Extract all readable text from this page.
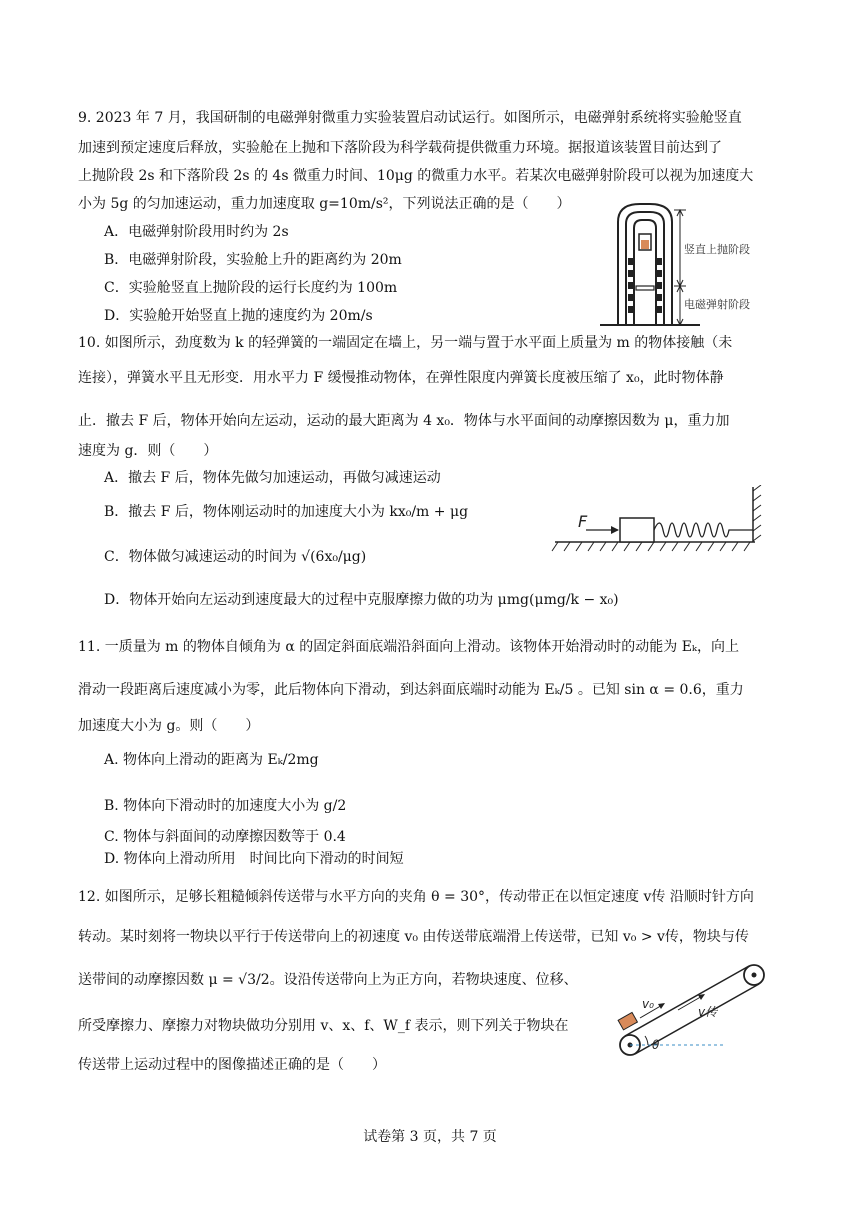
9. 2023 年 7 月，我国研制的电磁弹射微重力实验装置启动试运行。如图所示，电磁弹射系统将实验舱竖直
加速到预定速度后释放，实验舱在上抛和下落阶段为科学载荷提供微重力环境。据报道该装置目前达到了
上抛阶段 2s 和下落阶段 2s 的 4s 微重力时间、10μg 的微重力水平。若某次电磁弹射阶段可以视为加速度大
小为 5g 的匀加速运动，重力加速度取 g=10m/s²，下列说法正确的是（　　）
A．电磁弹射阶段用时约为 2s
B．电磁弹射阶段，实验舱上升的距离约为 20m
C．实验舱竖直上抛阶段的运行长度约为 100m
D．实验舱开始竖直上抛的速度约为 20m/s
竖直上抛阶段
电磁弹射阶段
10. 如图所示，劲度数为 k 的轻弹簧的一端固定在墙上，另一端与置于水平面上质量为 m 的物体接触（未
连接），弹簧水平且无形变．用水平力 F 缓慢推动物体，在弹性限度内弹簧长度被压缩了 x₀，此时物体静
止．撤去 F 后，物体开始向左运动，运动的最大距离为 4 x₀．物体与水平面间的动摩擦因数为 μ，重力加
速度为 g．则（　　）
A．撤去 F 后，物体先做匀加速运动，再做匀减速运动
B．撤去 F 后，物体刚运动时的加速度大小为 kx₀/m + μg
C．物体做匀减速运动的时间为 √(6x₀/μg)
D．物体开始向左运动到速度最大的过程中克服摩擦力做的功为 μmg(μmg/k − x₀)
F
11. 一质量为 m 的物体自倾角为 α 的固定斜面底端沿斜面向上滑动。该物体开始滑动时的动能为 Eₖ，向上
滑动一段距离后速度减小为零，此后物体向下滑动，到达斜面底端时动能为 Eₖ/5 。已知 sin α = 0.6，重力
加速度大小为 g。则（　　）
A. 物体向上滑动的距离为 Eₖ/2mg
B. 物体向下滑动时的加速度大小为 g/2
C. 物体与斜面间的动摩擦因数等于 0.4
D. 物体向上滑动所用　时间比向下滑动的时间短
12. 如图所示，足够长粗糙倾斜传送带与水平方向的夹角 θ = 30°，传动带正在以恒定速度 v传 沿顺时针方向
转动。某时刻将一物块以平行于传送带向上的初速度 v₀ 由传送带底端滑上传送带，已知 v₀ > v传，物块与传
送带间的动摩擦因数 μ = √3/2。设沿传送带向上为正方向，若物块速度、位移、
所受摩擦力、摩擦力对物块做功分别用 v、x、f、W_f 表示，则下列关于物块在
传送带上运动过程中的图像描述正确的是（　　）
θ
v₀
v传
试卷第 3 页，共 7 页
